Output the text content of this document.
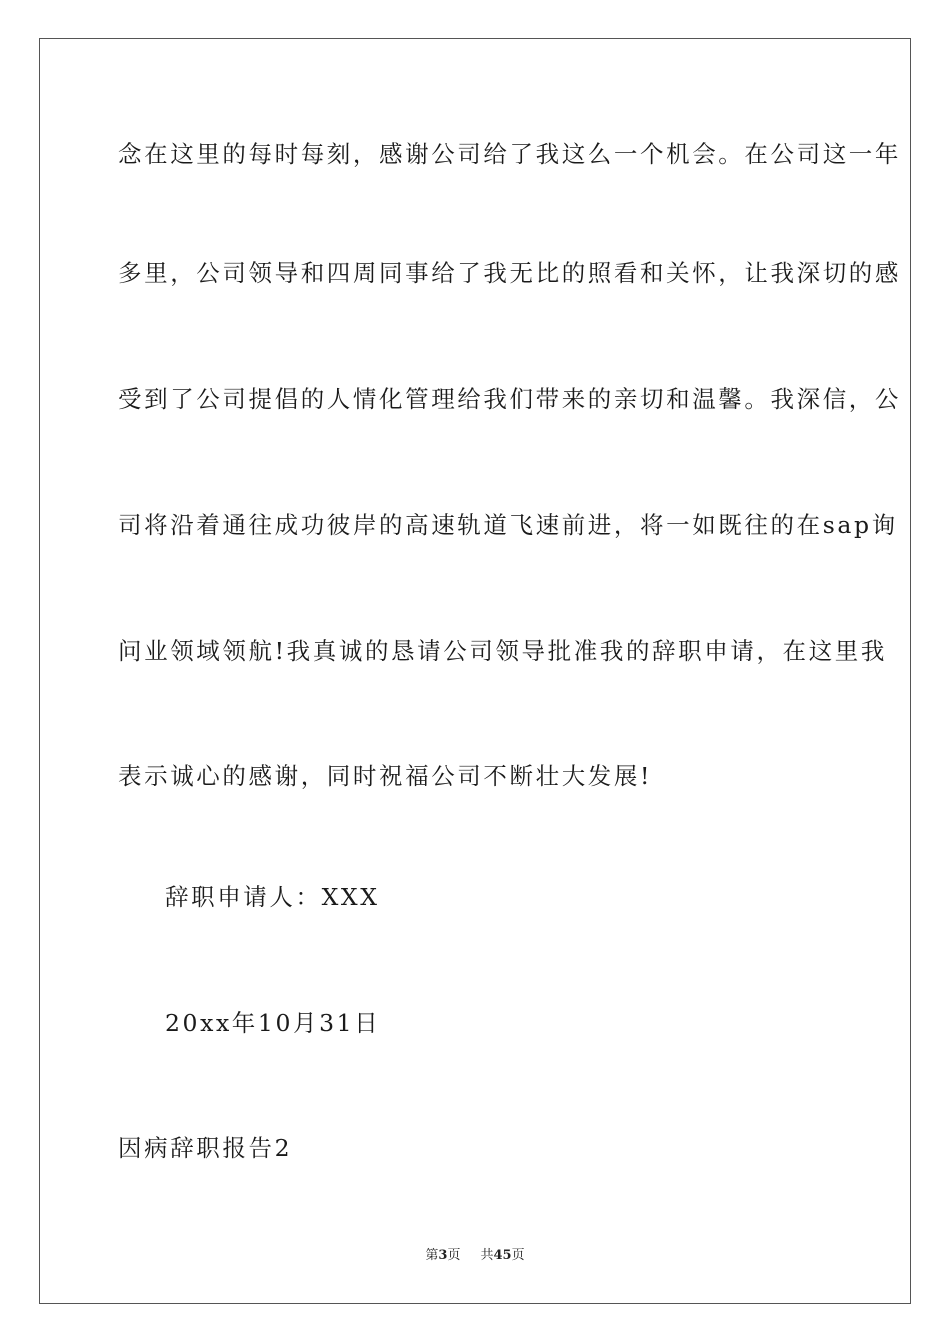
念在这里的每时每刻，感谢公司给了我这么一个机会。在公司这一年
多里，公司领导和四周同事给了我无比的照看和关怀，让我深切的感
受到了公司提倡的人情化管理给我们带来的亲切和温馨。我深信，公
司将沿着通往成功彼岸的高速轨道飞速前进，将一如既往的在sap询
问业领域领航!我真诚的恳请公司领导批准我的辞职申请，在这里我
表示诚心的感谢，同时祝福公司不断壮大发展!
辞职申请人：XXX
20xx年10月31日
因病辞职报告2
第3页 共45页
